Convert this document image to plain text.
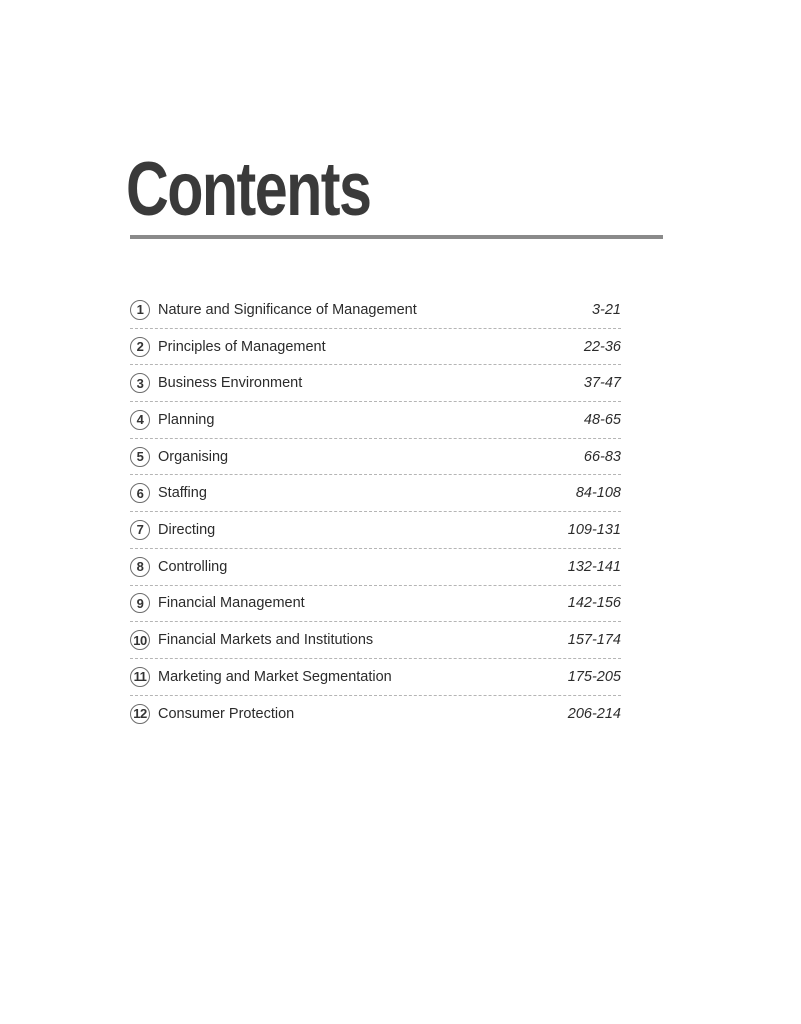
Contents
1	Nature and Significance of Management	3-21
2	Principles of Management	22-36
3	Business Environment	37-47
4	Planning	48-65
5	Organising	66-83
6	Staffing	84-108
7	Directing	109-131
8	Controlling	132-141
9	Financial Management	142-156
10 Financial Markets and Institutions	157-174
11 Marketing and Market Segmentation	175-205
12 Consumer Protection	206-214
